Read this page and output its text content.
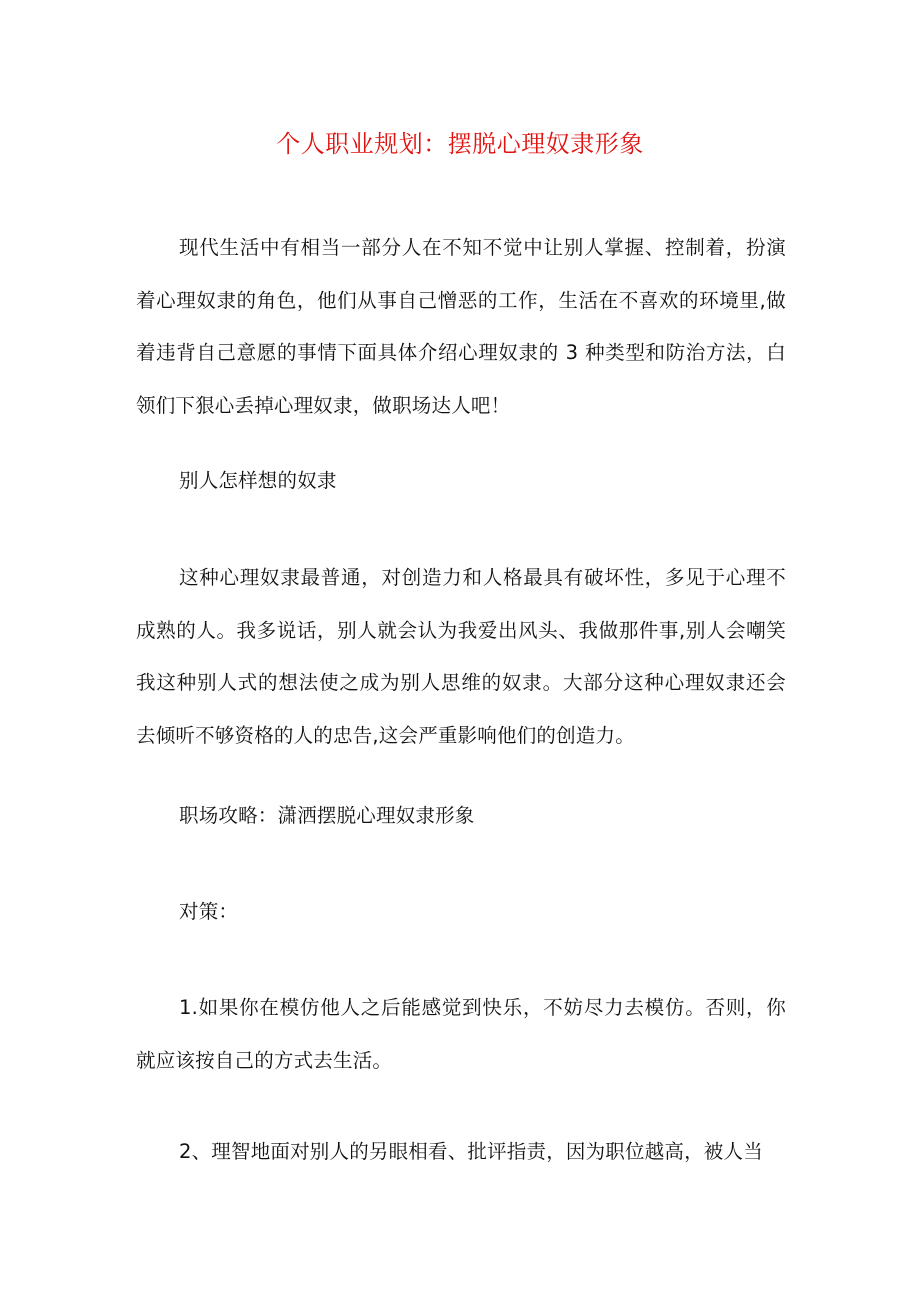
个人职业规划：摆脱心理奴隶形象

现代生活中有相当一部分人在不知不觉中让别人掌握、控制着，扮演着心理奴隶的角色，他们从事自己憎恶的工作，生活在不喜欢的环境里,做着违背自己意愿的事情下面具体介绍心理奴隶的 3 种类型和防治方法，白领们下狠心丢掉心理奴隶，做职场达人吧！

别人怎样想的奴隶

这种心理奴隶最普通，对创造力和人格最具有破坏性，多见于心理不成熟的人。我多说话，别人就会认为我爱出风头、我做那件事,别人会嘲笑我这种别人式的想法使之成为别人思维的奴隶。大部分这种心理奴隶还会去倾听不够资格的人的忠告,这会严重影响他们的创造力。

职场攻略：潇洒摆脱心理奴隶形象

对策：

1.如果你在模仿他人之后能感觉到快乐，不妨尽力去模仿。否则，你就应该按自己的方式去生活。

2、理智地面对别人的另眼相看、批评指责，因为职位越高，被人当
